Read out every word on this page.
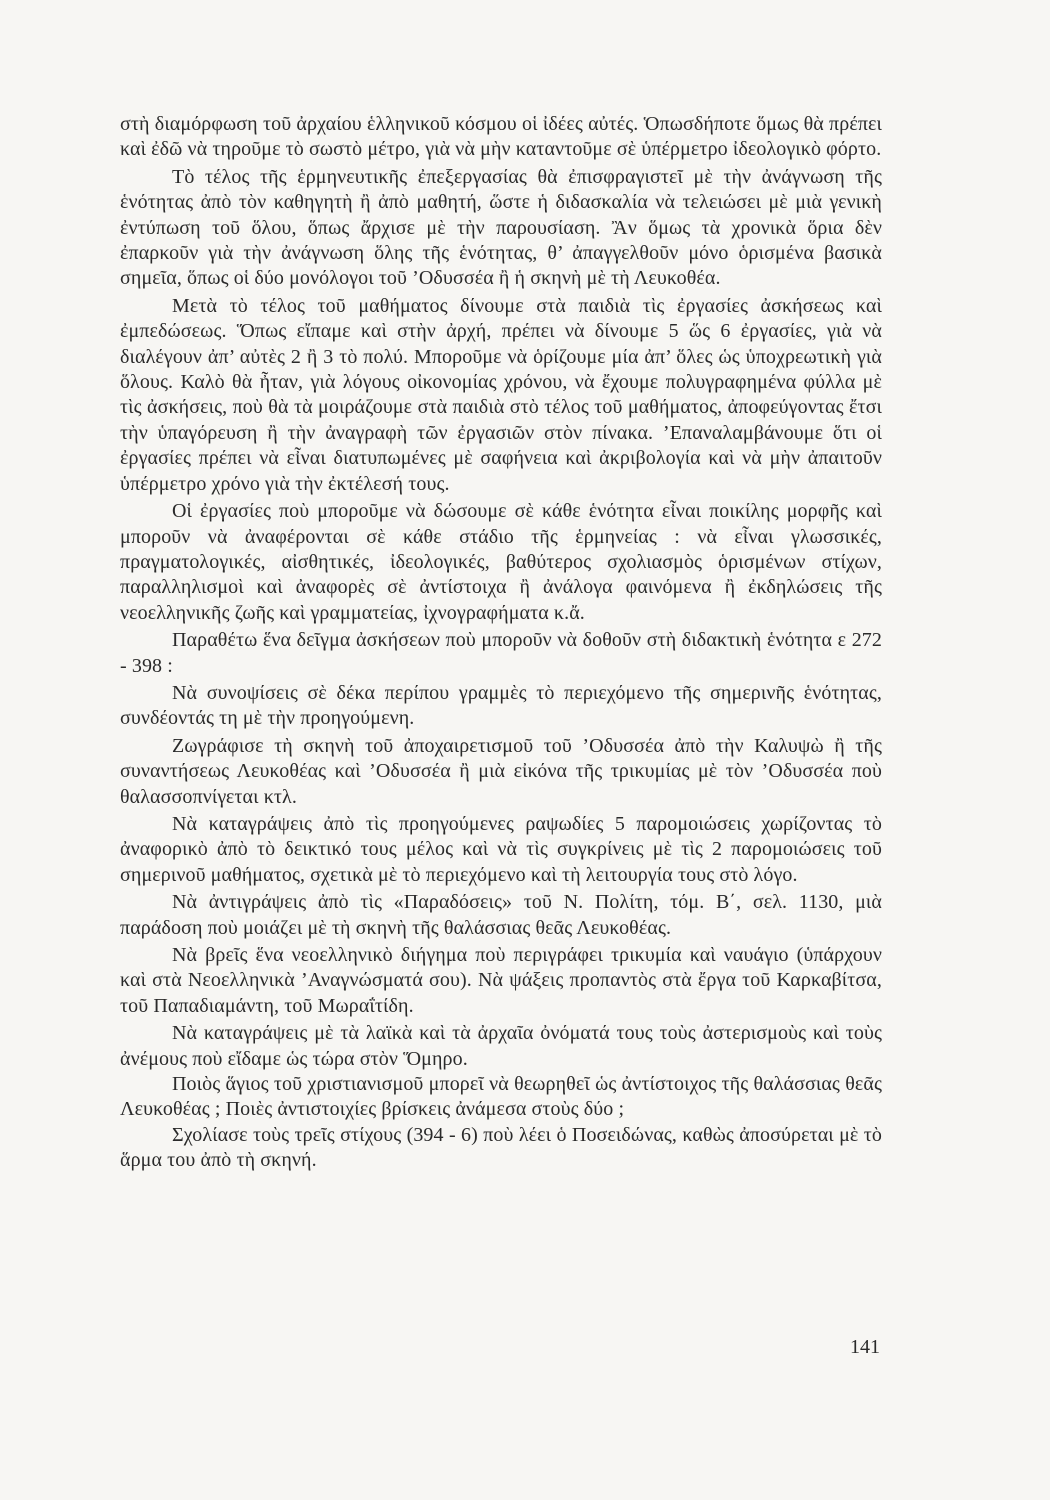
στὴ διαμόρφωση τοῦ ἀρχαίου ἑλληνικοῦ κόσμου οἱ ἰδέες αὐτές. Ὁπωσδήποτε ὅμως θὰ πρέπει καὶ ἐδῶ νὰ τηροῦμε τὸ σωστὸ μέτρο, γιὰ νὰ μὴν καταντοῦμε σὲ ὑπέρμετρο ἰδεολογικὸ φόρτο.

Τὸ τέλος τῆς ἑρμηνευτικῆς ἐπεξεργασίας θὰ ἐπισφραγιστεῖ μὲ τὴν ἀνάγνωση τῆς ἑνότητας ἀπὸ τὸν καθηγητὴ ἢ ἀπὸ μαθητή, ὥστε ἡ διδασκαλία νὰ τελειώσει μὲ μιὰ γενικὴ ἐντύπωση τοῦ ὅλου, ὅπως ἄρχισε μὲ τὴν παρουσίαση. Ἂν ὅμως τὰ χρονικὰ ὅρια δὲν ἐπαρκοῦν γιὰ τὴν ἀνάγνωση ὅλης τῆς ἑνότητας, θ’ ἀπαγγελθοῦν μόνο ὁρισμένα βασικὰ σημεῖα, ὅπως οἱ δύο μονόλογοι τοῦ ’Οδυσσέα ἢ ἡ σκηνὴ μὲ τὴ Λευκοθέα.

Μετὰ τὸ τέλος τοῦ μαθήματος δίνουμε στὰ παιδιὰ τὶς ἐργασίες ἀσκήσεως καὶ ἐμπεδώσεως. Ὅπως εἴπαμε καὶ στὴν ἀρχή, πρέπει νὰ δίνουμε 5 ὥς 6 ἐργασίες, γιὰ νὰ διαλέγουν ἀπ’ αὐτὲς 2 ἢ 3 τὸ πολύ. Μποροῦμε νὰ ὁρίζουμε μία ἀπ’ ὅλες ὡς ὑποχρεωτικὴ γιὰ ὅλους. Καλὸ θὰ ἦταν, γιὰ λόγους οἰκονομίας χρόνου, νὰ ἔχουμε πολυγραφημένα φύλλα μὲ τὶς ἀσκήσεις, ποὺ θὰ τὰ μοιράζουμε στὰ παιδιὰ στὸ τέλος τοῦ μαθήματος, ἀποφεύγοντας ἔτσι τὴν ὑπαγόρευση ἢ τὴν ἀναγραφὴ τῶν ἐργασιῶν στὸν πίνακα. ’Επαναλαμβάνουμε ὅτι οἱ ἐργασίες πρέπει νὰ εἶναι διατυπωμένες μὲ σαφήνεια καὶ ἀκριβολογία καὶ νὰ μὴν ἀπαιτοῦν ὑπέρμετρο χρόνο γιὰ τὴν ἐκτέλεσή τους.

Οἱ ἐργασίες ποὺ μποροῦμε νὰ δώσουμε σὲ κάθε ἑνότητα εἶναι ποικίλης μορφῆς καὶ μποροῦν νὰ ἀναφέρονται σὲ κάθε στάδιο τῆς ἑρμηνείας : νὰ εἶναι γλωσσικές, πραγματολογικές, αἰσθητικές, ἰδεολογικές, βαθύτερος σχολιασμὸς ὁρισμένων στίχων, παραλληλισμοὶ καὶ ἀναφορὲς σὲ ἀντίστοιχα ἢ ἀνάλογα φαινόμενα ἢ ἐκδηλώσεις τῆς νεοελληνικῆς ζωῆς καὶ γραμματείας, ἰχνογραφήματα κ.ἄ.

Παραθέτω ἕνα δεῖγμα ἀσκήσεων ποὺ μποροῦν νὰ δοθοῦν στὴ διδακτικὴ ἑνότητα ε 272 - 398 :

Νὰ συνοψίσεις σὲ δέκα περίπου γραμμὲς τὸ περιεχόμενο τῆς σημερινῆς ἑνότητας, συνδέοντάς τη μὲ τὴν προηγούμενη.

Ζωγράφισε τὴ σκηνὴ τοῦ ἀποχαιρετισμοῦ τοῦ ’Οδυσσέα ἀπὸ τὴν Καλυψὼ ἢ τῆς συναντήσεως Λευκοθέας καὶ ’Οδυσσέα ἢ μιὰ εἰκόνα τῆς τρικυμίας μὲ τὸν ’Οδυσσέα ποὺ θαλασσοπνίγεται κτλ.

Νὰ καταγράψεις ἀπὸ τὶς προηγούμενες ραψωδίες 5 παρομοιώσεις χωρίζοντας τὸ ἀναφορικὸ ἀπὸ τὸ δεικτικό τους μέλος καὶ νὰ τὶς συγκρίνεις μὲ τὶς 2 παρομοιώσεις τοῦ σημερινοῦ μαθήματος, σχετικὰ μὲ τὸ περιεχόμενο καὶ τὴ λειτουργία τους στὸ λόγο.

Νὰ ἀντιγράψεις ἀπὸ τὶς «Παραδόσεις» τοῦ Ν. Πολίτη, τόμ. Β΄, σελ. 1130, μιὰ παράδοση ποὺ μοιάζει μὲ τὴ σκηνὴ τῆς θαλάσσιας θεᾶς Λευκοθέας.

Νὰ βρεῖς ἕνα νεοελληνικὸ διήγημα ποὺ περιγράφει τρικυμία καὶ ναυάγιο (ὑπάρχουν καὶ στὰ Νεοελληνικὰ ’Αναγνώσματά σου). Νὰ ψάξεις προπαντὸς στὰ ἔργα τοῦ Καρκαβίτσα, τοῦ Παπαδιαμάντη, τοῦ Μωραΐτίδη.

Νὰ καταγράψεις μὲ τὰ λαϊκὰ καὶ τὰ ἀρχαῖα ὀνόματά τους τοὺς ἀστερισμοὺς καὶ τοὺς ἀνέμους ποὺ εἴδαμε ὡς τώρα στὸν Ὅμηρο.

Ποιὸς ἅγιος τοῦ χριστιανισμοῦ μπορεῖ νὰ θεωρηθεῖ ὡς ἀντίστοιχος τῆς θαλάσσιας θεᾶς Λευκοθέας ; Ποιὲς ἀντιστοιχίες βρίσκεις ἀνάμεσα στοὺς δύο ;

Σχολίασε τοὺς τρεῖς στίχους (394 - 6) ποὺ λέει ὁ Ποσειδώνας, καθὼς ἀποσύρεται μὲ τὸ ἅρμα του ἀπὸ τὴ σκηνή.

141
